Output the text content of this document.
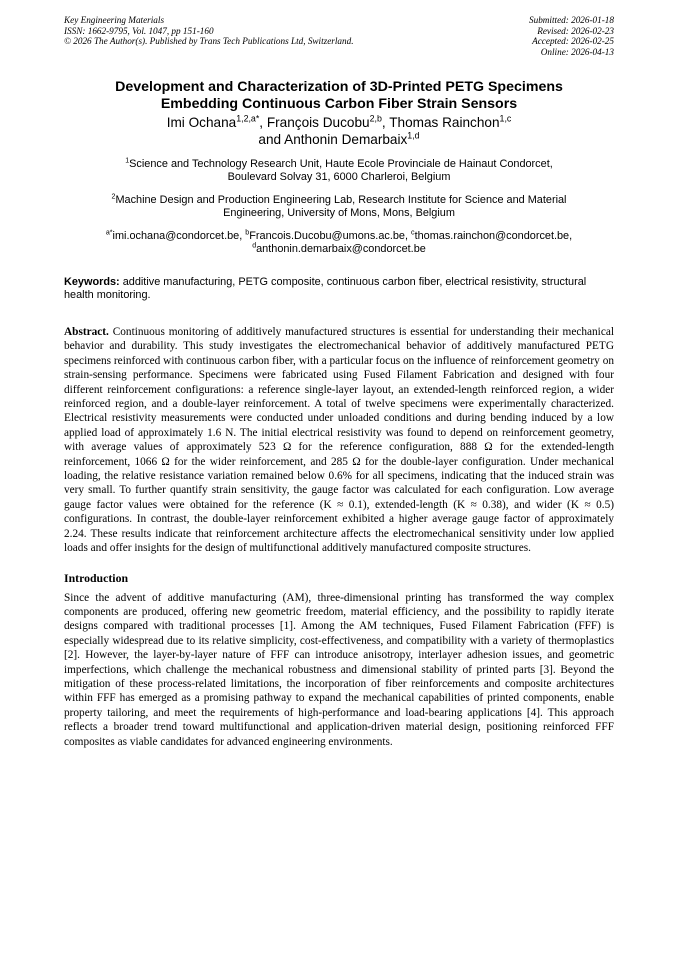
Key Engineering Materials
ISSN: 1662-9795, Vol. 1047, pp 151-160
© 2026 The Author(s). Published by Trans Tech Publications Ltd, Switzerland.
Submitted: 2026-01-18
Revised: 2026-02-23
Accepted: 2026-02-25
Online: 2026-04-13
Development and Characterization of 3D-Printed PETG Specimens
Embedding Continuous Carbon Fiber Strain Sensors
Imi Ochana$^{1,2,a*}$, François Ducobu$^{2,b}$, Thomas Rainchon$^{1,c}$
and Anthonin Demarbaix$^{1,d}$
$^1$Science and Technology Research Unit, Haute Ecole Provinciale de Hainaut Condorcet,
Boulevard Solvay 31, 6000 Charleroi, Belgium
$^2$Machine Design and Production Engineering Lab, Research Institute for Science and Material
Engineering, University of Mons, Mons, Belgium
$^{a*}$imi.ochana@condorcet.be, $^b$Francois.Ducobu@umons.ac.be, $^c$thomas.rainchon@condorcet.be,
$^d$anthonin.demarbaix@condorcet.be
Keywords: additive manufacturing, PETG composite, continuous carbon fiber, electrical resistivity, structural health monitoring.
Abstract. Continuous monitoring of additively manufactured structures is essential for understanding their mechanical behavior and durability. This study investigates the electromechanical behavior of additively manufactured PETG specimens reinforced with continuous carbon fiber, with a particular focus on the influence of reinforcement geometry on strain-sensing performance. Specimens were fabricated using Fused Filament Fabrication and designed with four different reinforcement configurations: a reference single-layer layout, an extended-length reinforced region, a wider reinforced region, and a double-layer reinforcement. A total of twelve specimens were experimentally characterized. Electrical resistivity measurements were conducted under unloaded conditions and during bending induced by a low applied load of approximately 1.6 N. The initial electrical resistivity was found to depend on reinforcement geometry, with average values of approximately 523 Ω for the reference configuration, 888 Ω for the extended-length reinforcement, 1066 Ω for the wider reinforcement, and 285 Ω for the double-layer configuration. Under mechanical loading, the relative resistance variation remained below 0.6% for all specimens, indicating that the induced strain was very small. To further quantify strain sensitivity, the gauge factor was calculated for each configuration. Low average gauge factor values were obtained for the reference (K ≈ 0.1), extended-length (K ≈ 0.38), and wider (K ≈ 0.5) configurations. In contrast, the double-layer reinforcement exhibited a higher average gauge factor of approximately 2.24. These results indicate that reinforcement architecture affects the electromechanical sensitivity under low applied loads and offer insights for the design of multifunctional additively manufactured composite structures.
Introduction
Since the advent of additive manufacturing (AM), three-dimensional printing has transformed the way complex components are produced, offering new geometric freedom, material efficiency, and the possibility to rapidly iterate designs compared with traditional processes [1]. Among the AM techniques, Fused Filament Fabrication (FFF) is especially widespread due to its relative simplicity, cost-effectiveness, and compatibility with a variety of thermoplastics [2]. However, the layer-by-layer nature of FFF can introduce anisotropy, interlayer adhesion issues, and geometric imperfections, which challenge the mechanical robustness and dimensional stability of printed parts [3]. Beyond the mitigation of these process-related limitations, the incorporation of fiber reinforcements and composite architectures within FFF has emerged as a promising pathway to expand the mechanical capabilities of printed components, enable property tailoring, and meet the requirements of high-performance and load-bearing applications [4]. This approach reflects a broader trend toward multifunctional and application-driven material design, positioning reinforced FFF composites as viable candidates for advanced engineering environments.
